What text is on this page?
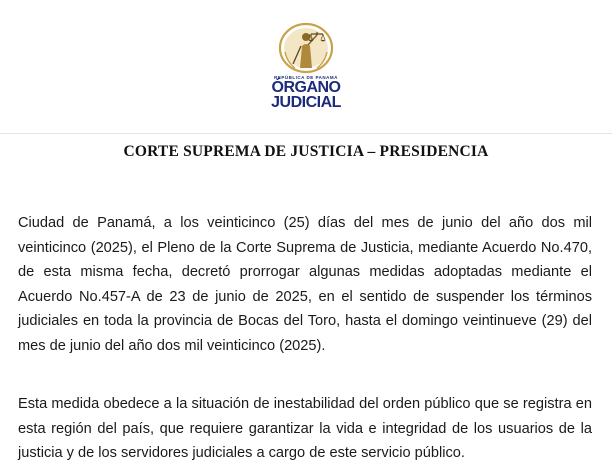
REPÚBLICA DE PANAMÁ
ÓRGANO
JUDICIAL
CORTE SUPREMA DE JUSTICIA – PRESIDENCIA

Ciudad de Panamá, a los veinticinco (25) días del mes de junio del año dos mil veinticinco (2025), el Pleno de la Corte Suprema de Justicia, mediante Acuerdo No.470, de esta misma fecha, decretó prorrogar algunas medidas adoptadas mediante el Acuerdo No.457-A de 23 de junio de 2025, en el sentido de suspender los términos judiciales en toda la provincia de Bocas del Toro, hasta el domingo veintinueve (29) del mes de junio del año dos mil veinticinco (2025).

Esta medida obedece a la situación de inestabilidad del orden público que se registra en esta región del país, que requiere garantizar la vida e integridad de los usuarios de la justicia y de los servidores judiciales a cargo de este servicio público.
